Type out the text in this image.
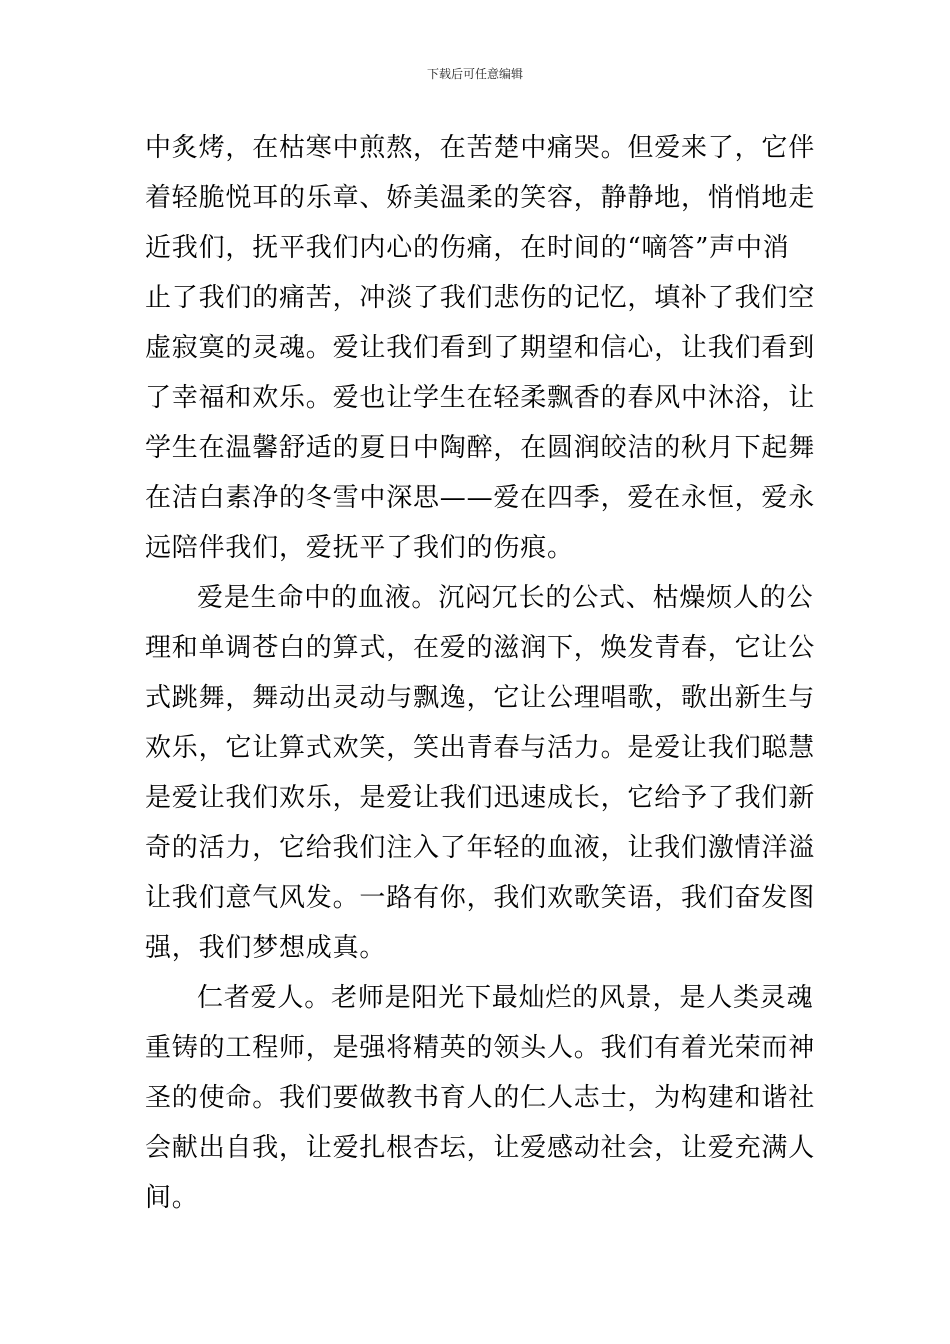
下载后可任意编辑
中炙烤，在枯寒中煎熬，在苦楚中痛哭。但爱来了，它伴
着轻脆悦耳的乐章、娇美温柔的笑容，静静地，悄悄地走
近我们，抚平我们内心的伤痛，在时间的“嘀答”声中消
止了我们的痛苦，冲淡了我们悲伤的记忆，填补了我们空
虚寂寞的灵魂。爱让我们看到了期望和信心，让我们看到
了幸福和欢乐。爱也让学生在轻柔飘香的春风中沐浴，让
学生在温馨舒适的夏日中陶醉，在圆润皎洁的秋月下起舞
在洁白素净的冬雪中深思——爱在四季，爱在永恒，爱永
远陪伴我们，爱抚平了我们的伤痕。
爱是生命中的血液。沉闷冗长的公式、枯燥烦人的公
理和单调苍白的算式，在爱的滋润下，焕发青春，它让公
式跳舞，舞动出灵动与飘逸，它让公理唱歌，歌出新生与
欢乐，它让算式欢笑，笑出青春与活力。是爱让我们聪慧
是爱让我们欢乐，是爱让我们迅速成长，它给予了我们新
奇的活力，它给我们注入了年轻的血液，让我们激情洋溢
让我们意气风发。一路有你，我们欢歌笑语，我们奋发图
强，我们梦想成真。
仁者爱人。老师是阳光下最灿烂的风景，是人类灵魂
重铸的工程师，是强将精英的领头人。我们有着光荣而神
圣的使命。我们要做教书育人的仁人志士，为构建和谐社
会献出自我，让爱扎根杏坛，让爱感动社会，让爱充满人
间。
